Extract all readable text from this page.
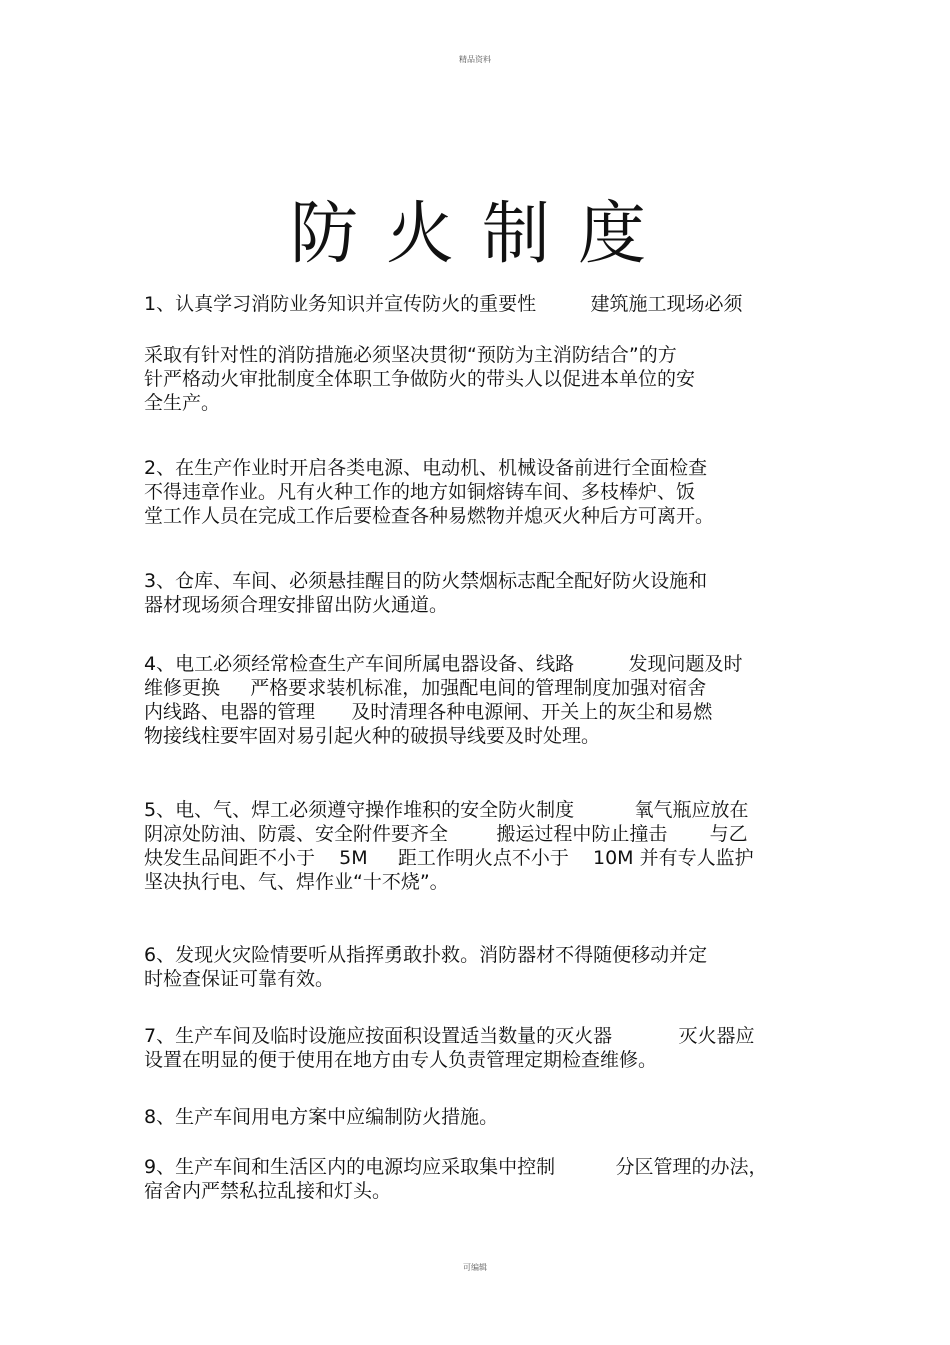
精品资料
防火制度
1、认真学习消防业务知识并宣传防火的重要性         建筑施工现场必须
采取有针对性的消防措施必须坚决贯彻“预防为主消防结合”的方
针严格动火审批制度全体职工争做防火的带头人以促进本单位的安
全生产。
2、在生产作业时开启各类电源、电动机、机械设备前进行全面检查
不得违章作业。凡有火种工作的地方如铜熔铸车间、多枝棒炉、饭
堂工作人员在完成工作后要检查各种易燃物并熄灭火种后方可离开。
3、仓库、车间、必须悬挂醒目的防火禁烟标志配全配好防火设施和
器材现场须合理安排留出防火通道。
4、电工必须经常检查生产车间所属电器设备、线路         发现问题及时
维修更换     严格要求装机标准，加强配电间的管理制度加强对宿舍
内线路、电器的管理      及时清理各种电源闸、开关上的灰尘和易燃
物接线柱要牢固对易引起火种的破损导线要及时处理。
5、电、气、焊工必须遵守操作堆积的安全防火制度          氧气瓶应放在
阴凉处防油、防震、安全附件要齐全        搬运过程中防止撞击       与乙
炔发生品间距不小于    5M     距工作明火点不小于    10M 并有专人监护
坚决执行电、气、焊作业“十不烧”。
6、发现火灾险情要听从指挥勇敢扑救。消防器材不得随便移动并定
时检查保证可靠有效。
7、生产车间及临时设施应按面积设置适当数量的灭火器           灭火器应
设置在明显的便于使用在地方由专人负责管理定期检查维修。
8、生产车间用电方案中应编制防火措施。
9、生产车间和生活区内的电源均应采取集中控制          分区管理的办法，
宿舍内严禁私拉乱接和灯头。
可编辑
